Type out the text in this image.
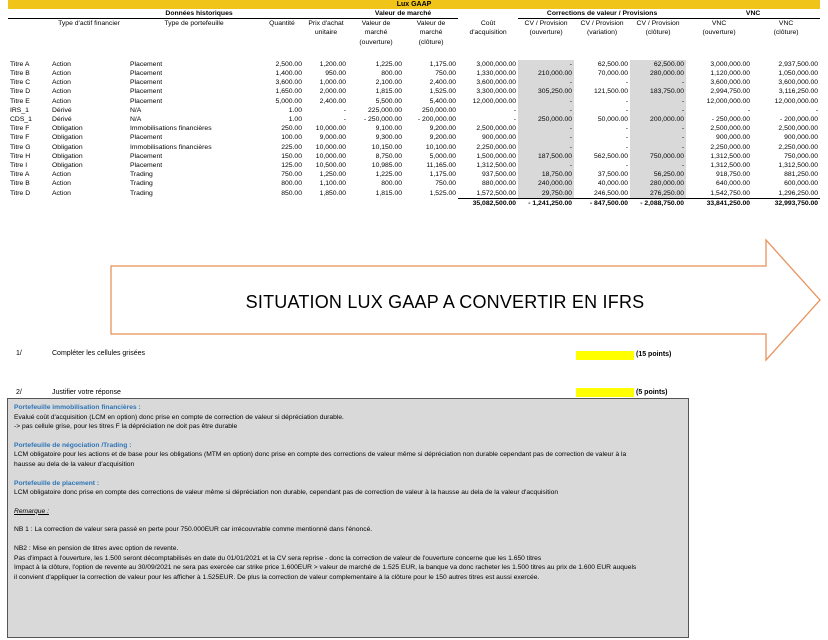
Lux GAAP
	Données historiques				Valeur de marché			Corrections de valeur / Provisions			VNC	
	Type d'actif financier	Type de portefeuille	Quantité	Prix d'achat	Valeur de	Valeur de	Coût	CV / Provision	CV / Provision	CV / Provision	VNC	VNC
				unitaire	marché	marché	d'acquisition	(ouverture)	(variation)	(clôture)	(ouverture)	(clôture)
					(ouverture)	(clôture)						

Titre A	Action	Placement	2,500.00	1,200.00	1,225.00	1,175.00	3,000,000.00	-	62,500.00	62,500.00	3,000,000.00	2,937,500.00
Titre B	Action	Placement	1,400.00	950.00	800.00	750.00	1,330,000.00	210,000.00	70,000.00	280,000.00	1,120,000.00	1,050,000.00
Titre C	Action	Placement	3,600.00	1,000.00	2,100.00	2,400.00	3,600,000.00	-	-	-	3,600,000.00	3,600,000.00
Titre D	Action	Placement	1,650.00	2,000.00	1,815.00	1,525.00	3,300,000.00	305,250.00	121,500.00	183,750.00	2,994,750.00	3,116,250.00
Titre E	Action	Placement	5,000.00	2,400.00	5,500.00	5,400.00	12,000,000.00	-	-	-	12,000,000.00	12,000,000.00
IRS_1	Dérivé	N/A	1.00	-	225,000.00	250,000.00	-	-	-	-	-	-
CDS_1	Dérivé	N/A	1.00	-	- 250,000.00	- 200,000.00	-	250,000.00	50,000.00	200,000.00	- 250,000.00	- 200,000.00
Titre F	Obligation	Immobilisations financières	250.00	10,000.00	9,100.00	9,200.00	2,500,000.00	-	-	-	2,500,000.00	2,500,000.00
Titre F	Obligation	Placement	100.00	9,000.00	9,300.00	9,200.00	900,000.00	-	-	-	900,000.00	900,000.00
Titre G	Obligation	Immobilisations financières	225.00	10,000.00	10,150.00	10,100.00	2,250,000.00	-	-	-	2,250,000.00	2,250,000.00
Titre H	Obligation	Placement	150.00	10,000.00	8,750.00	5,000.00	1,500,000.00	187,500.00	562,500.00	750,000.00	1,312,500.00	750,000.00
Titre I	Obligation	Placement	125.00	10,500.00	10,985.00	11,165.00	1,312,500.00	-	-	-	1,312,500.00	1,312,500.00
Titre A	Action	Trading	750.00	1,250.00	1,225.00	1,175.00	937,500.00	18,750.00	37,500.00	56,250.00	918,750.00	881,250.00
Titre B	Action	Trading	800.00	1,100.00	800.00	750.00	880,000.00	240,000.00	40,000.00	280,000.00	640,000.00	600,000.00
Titre D	Action	Trading	850.00	1,850.00	1,815.00	1,525.00	1,572,500.00	29,750.00	246,500.00	276,250.00	1,542,750.00	1,296,250.00
							35,082,500.00	- 1,241,250.00	- 847,500.00	- 2,088,750.00	33,841,250.00	32,993,750.00
SITUATION LUX GAAP A CONVERTIR EN IFRS
1/	Compléter les cellules grisées	(15 points)
2/	Justifier votre réponse	(5 points)

Portefeuille immobilisation financières :

Evalué coût d'acquisition (LCM en option) donc prise en compte de correction de valeur si dépréciation durable.

-> pas cellule grise, pour les titres F la dépréciation ne doit pas être durable

Portefeuille de négociation /Trading :

LCM obligatoire pour les actions et de base pour les obligations (MTM en option) donc prise en compte des corrections de valeur même si dépréciation non durable cependant pas de correction de valeur à la

hausse au dela de la valeur d'acquisition

Portefeuille de placement :

LCM obligatoire donc prise en compte des corrections de valeur même si dépréciation non durable, cependant pas de correction de valeur à la hausse au dela de la valeur d'acquisition

Remarque :

NB 1 : La correction de valeur sera passé en perte pour 750.000EUR car irrécouvrable comme mentionné dans l'énoncé.

NB2 : Mise en pension de titres avec option de revente.

Pas d'impact à l'ouverture, les 1.500 seront décomptabilisés en date du 01/01/2021 et la CV sera reprise - donc la correction de valeur de l'ouverture concerne que les 1.650 titres

Impact à la clôture, l'option de revente au 30/09/2021 ne sera pas exercée car strike price 1.600EUR > valeur de marché de 1.525 EUR, la banque va donc racheter les 1.500 titres au prix de 1.600 EUR auquels

il convient d'appliquer la correction de valeur pour les afficher à 1.525EUR. De plus la correction de valeur complementaire à la clôture pour le 150 autres titres est aussi exercée.
